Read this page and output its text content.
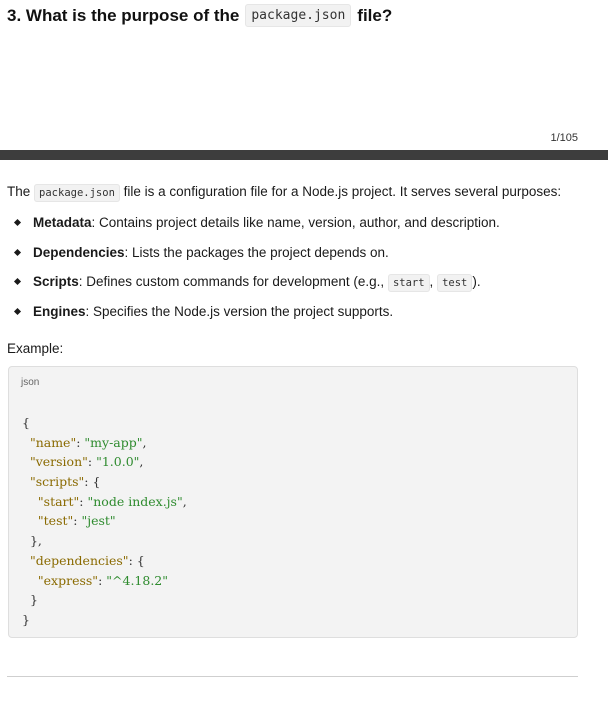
3. What is the purpose of the package.json file?
1/105

The package.json file is a configuration file for a Node.js project. It serves several purposes:

Metadata: Contains project details like name, version, author, and description.
Dependencies: Lists the packages the project depends on.
Scripts: Defines custom commands for development (e.g., start , test ).
Engines: Specifies the Node.js version the project supports.
Example:
json
{
"name": "my-app",
"version": "1.0.0",
"scripts": {
"start": "node index.js",
"test": "jest"
},
"dependencies": {
"express": "^4.18.2"
}
}
